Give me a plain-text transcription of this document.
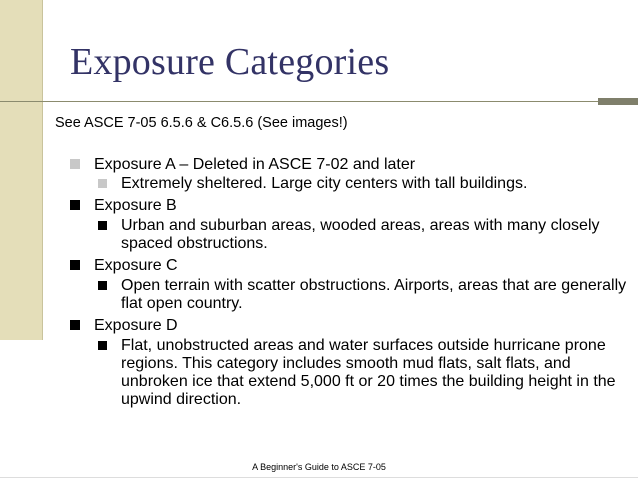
Exposure Categories
See ASCE 7-05 6.5.6 & C6.5.6 (See images!)
Exposure A – Deleted in ASCE 7-02 and later
Extremely sheltered. Large city centers with tall buildings.
Exposure B
Urban and suburban areas, wooded areas, areas with many closely spaced obstructions.
Exposure C
Open terrain with scatter obstructions. Airports, areas that are generally flat open country.
Exposure D
Flat, unobstructed areas and water surfaces outside hurricane prone regions. This category includes smooth mud flats, salt flats, and unbroken ice that extend 5,000 ft or 20 times the building height in the upwind direction.
A Beginner's Guide to ASCE 7-05
